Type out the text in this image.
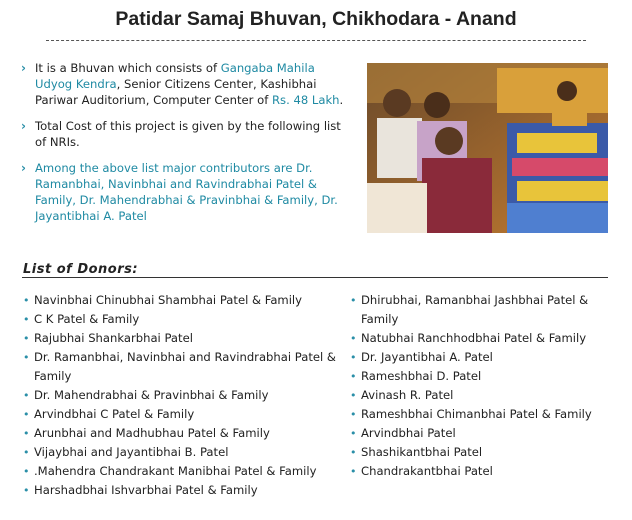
Patidar Samaj Bhuvan, Chikhodara - Anand
› It is a Bhuvan which consists of Gangaba Mahila Udyog Kendra, Senior Citizens Center, Kashibhai Pariwar Auditorium, Computer Center of Rs. 48 Lakh.
› Total Cost of this project is given by the following list of NRIs.
› Among the above list major contributors are Dr. Ramanbhai, Navinbhai and Ravindrabhai Patel & Family, Dr. Mahendrabhai & Pravinbhai & Family, Dr. Jayantibhai A. Patel
List of Donors:
• Navinbhai Chinubhai Shambhai Patel & Family
• C K Patel & Family
• Rajubhai Shankarbhai Patel
• Dr. Ramanbhai, Navinbhai and Ravindrabhai Patel & Family
• Dr. Mahendrabhai & Pravinbhai & Family
• Arvindbhai C Patel & Family
• Arunbhai and Madhubhau Patel & Family
• Vijaybhai and Jayantibhai B. Patel
• .Mahendra Chandrakant Manibhai Patel & Family
• Harshadbhai Ishvarbhai Patel & Family
• Dhirubhai, Ramanbhai Jashbhai Patel & Family
• Natubhai Ranchhodbhai Patel & Family
• Dr. Jayantibhai A. Patel
• Rameshbhai D. Patel
• Avinash R. Patel
• Rameshbhai Chimanbhai Patel & Family
• Arvindbhai Patel
• Shashikantbhai Patel
• Chandrakantbhai Patel
